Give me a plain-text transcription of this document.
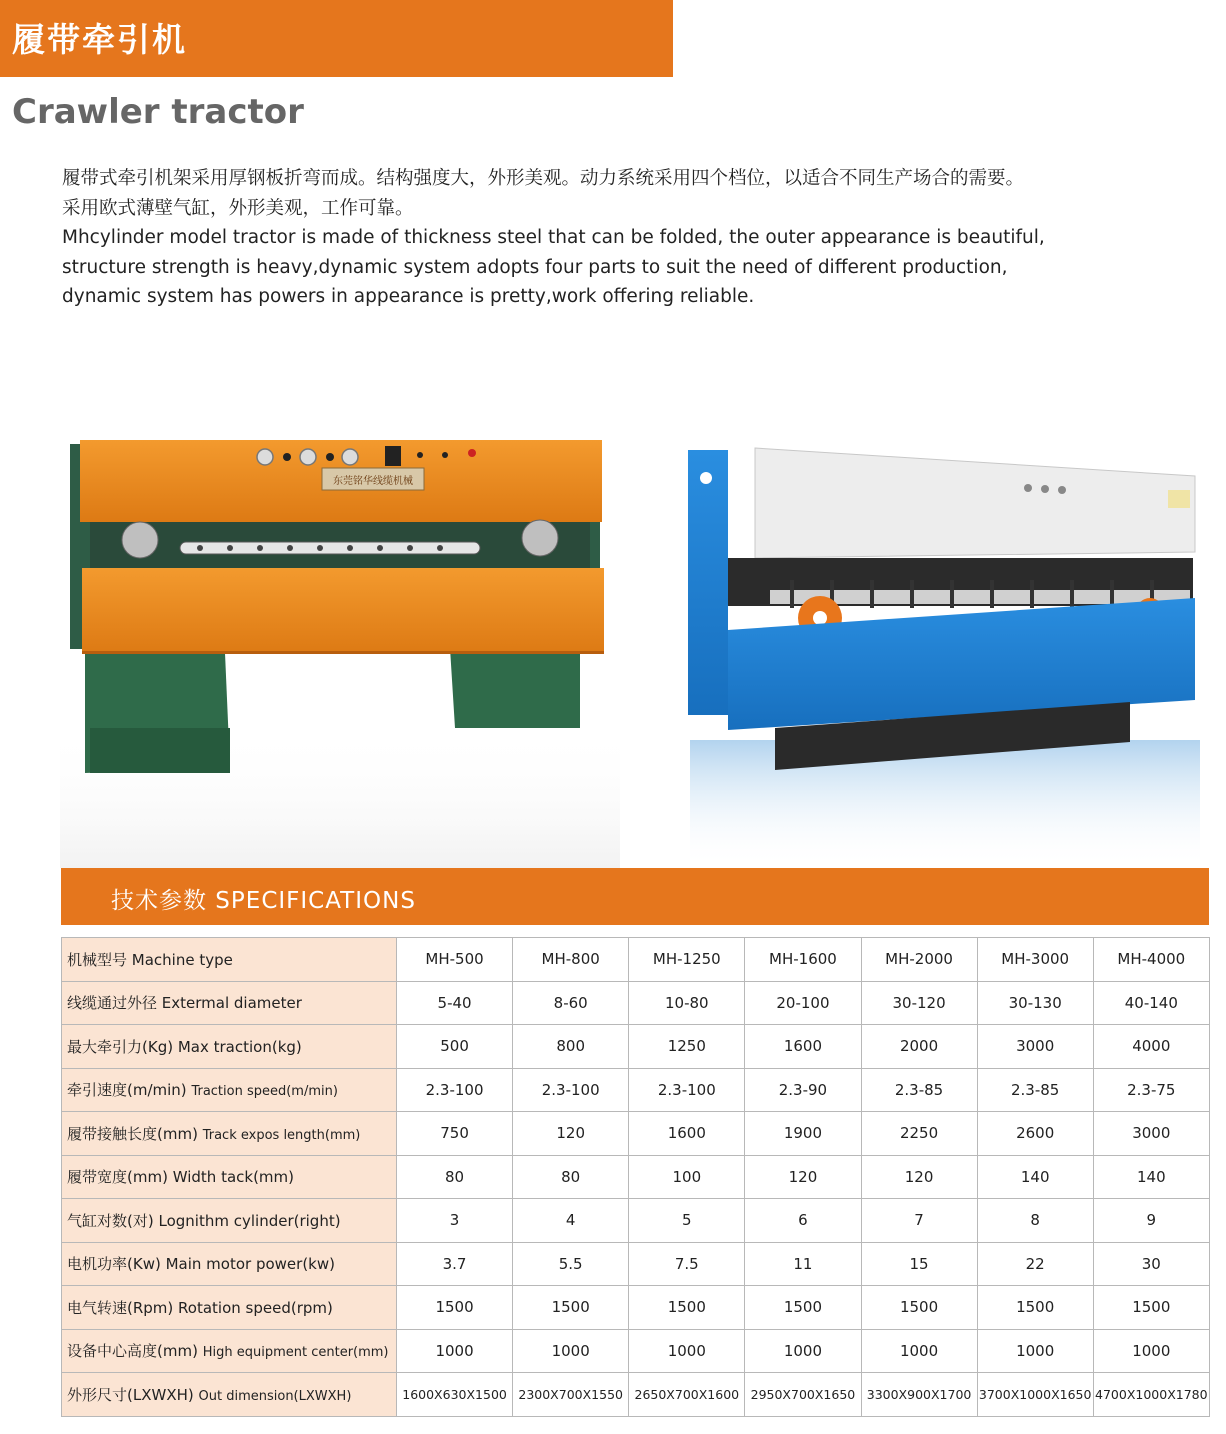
履带牵引机
Crawler tractor

履带式牵引机架采用厚钢板折弯而成。结构强度大，外形美观。动力系统采用四个档位，以适合不同生产场合的需要。

采用欧式薄壁气缸，外形美观，工作可靠。

Mhcylinder model tractor is made of thickness steel that can be folded, the outer appearance is beautiful,

structure strength is heavy,dynamic system adopts four parts to suit the need of different production,

dynamic system has powers in appearance is pretty,work offering reliable.

东莞铭华线缆机械
技术参数 SPECIFICATIONS
机械型号 Machine type	MH-500	MH-800	MH-1250	MH-1600	MH-2000	MH-3000	MH-4000
线缆通过外径 Extermal diameter	5-40	8-60	10-80	20-100	30-120	30-130	40-140
最大牵引力(Kg) Max traction(kg)	500	800	1250	1600	2000	3000	4000
牵引速度(m/min) Traction speed(m/min)	2.3-100	2.3-100	2.3-100	2.3-90	2.3-85	2.3-85	2.3-75
履带接触长度(mm) Track expos length(mm)	750	120	1600	1900	2250	2600	3000
履带宽度(mm) Width tack(mm)	80	80	100	120	120	140	140
气缸对数(对) Lognithm cylinder(right)	3	4	5	6	7	8	9
电机功率(Kw) Main motor power(kw)	3.7	5.5	7.5	11	15	22	30
电气转速(Rpm) Rotation speed(rpm)	1500	1500	1500	1500	1500	1500	1500
设备中心高度(mm) High equipment center(mm)	1000	1000	1000	1000	1000	1000	1000
外形尺寸(LXWXH) Out dimension(LXWXH)	1600X630X1500	2300X700X1550	2650X700X1600	2950X700X1650	3300X900X1700	3700X1000X1650	4700X1000X1780
